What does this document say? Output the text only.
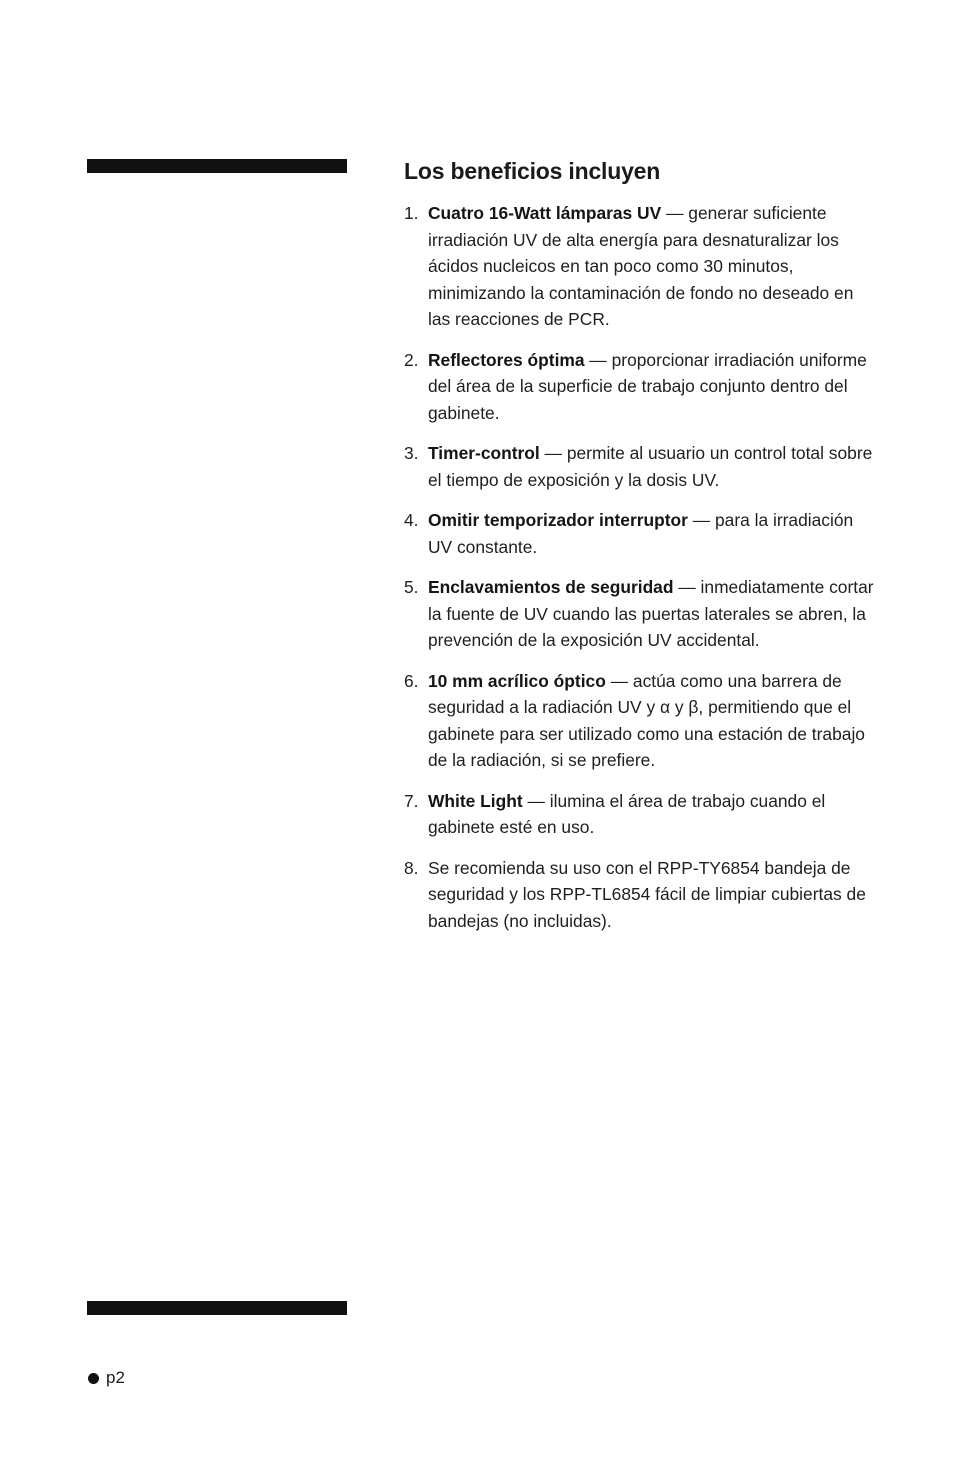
Los beneficios incluyen
1. Cuatro 16-Watt lámparas UV — generar suficiente irradiación UV de alta energía para desnaturalizar los ácidos nucleicos en tan poco como 30 minutos, minimizando la contaminación de fondo no deseado en las reacciones de PCR.
2. Reflectores óptima — proporcionar irradiación uniforme del área de la superficie de trabajo conjunto dentro del gabinete.
3. Timer-control — permite al usuario un control total sobre el tiempo de exposición y la dosis UV.
4. Omitir temporizador interruptor — para la irradiación UV constante.
5. Enclavamientos de seguridad — inmediatamente cortar la fuente de UV cuando las puertas laterales se abren, la prevención de la exposición UV accidental.
6. 10 mm acrílico óptico — actúa como una barrera de seguridad a la radiación UV y α y β, permitiendo que el gabinete para ser utilizado como una estación de trabajo de la radiación, si se prefiere.
7. White Light — ilumina el área de trabajo cuando el gabinete esté en uso.
8. Se recomienda su uso con el RPP-TY6854 bandeja de seguridad y los RPP-TL6854 fácil de limpiar cubiertas de bandejas (no incluidas).
p2
